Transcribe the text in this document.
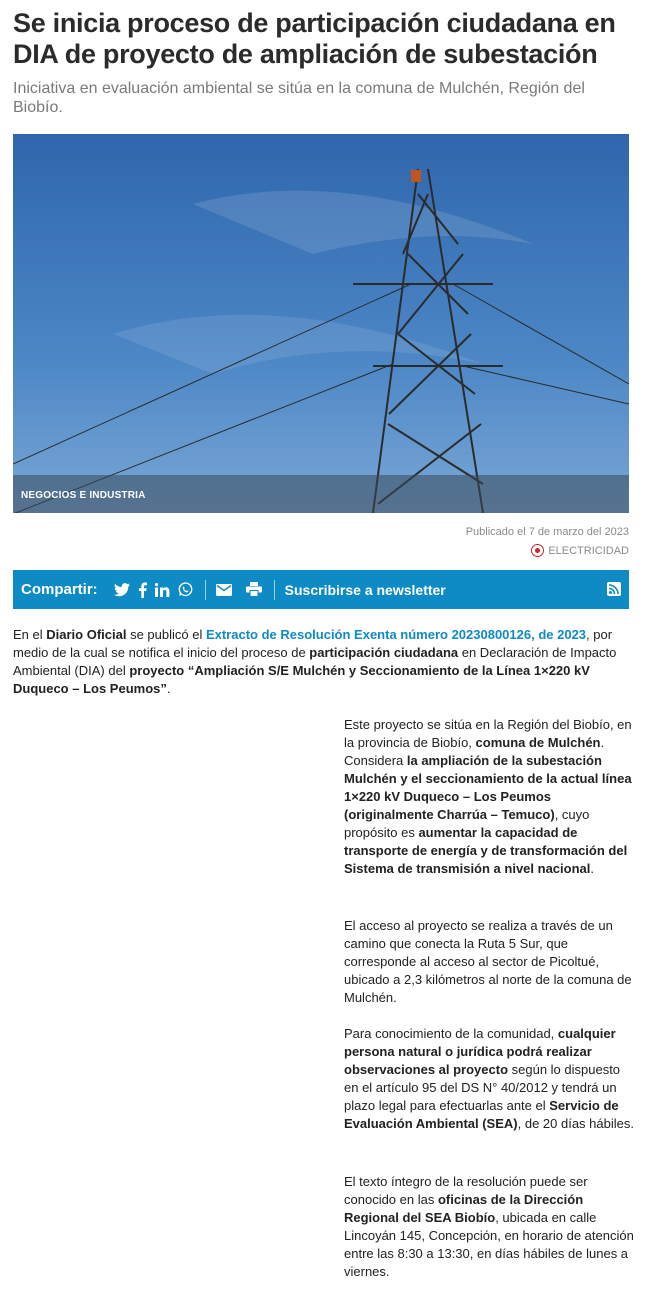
Se inicia proceso de participación ciudadana en DIA de proyecto de ampliación de subestación

Iniciativa en evaluación ambiental se sitúa en la comuna de Mulchén, Región del Biobío.

NEGOCIOS E INDUSTRIA
Publicado el 7 de marzo del 2023
ELECTRICIDAD
Compartir:	Suscribirse a newsletter

En el Diario Oficial se publicó el Extracto de Resolución Exenta número 20230800126, de 2023, por medio de la cual se notifica el inicio del proceso de participación ciudadana en Declaración de Impacto Ambiental (DIA) del proyecto “Ampliación S/E Mulchén y Seccionamiento de la Línea 1×220 kV Duqueco – Los Peumos”.

Este proyecto se sitúa en la Región del Biobío, en la provincia de Biobío, comuna de Mulchén. Considera la ampliación de la subestación Mulchén y el seccionamiento de la actual línea 1×220 kV Duqueco – Los Peumos (originalmente Charrúa – Temuco), cuyo propósito es aumentar la capacidad de transporte de energía y de transformación del Sistema de transmisión a nivel nacional.

El acceso al proyecto se realiza a través de un camino que conecta la Ruta 5 Sur, que corresponde al acceso al sector de Picoltué, ubicado a 2,3 kilómetros al norte de la comuna de Mulchén.

Para conocimiento de la comunidad, cualquier persona natural o jurídica podrá realizar observaciones al proyecto según lo dispuesto en el artículo 95 del DS N° 40/2012 y tendrá un plazo legal para efectuarlas ante el Servicio de Evaluación Ambiental (SEA), de 20 días hábiles.

El texto íntegro de la resolución puede ser conocido en las oficinas de la Dirección Regional del SEA Biobío, ubicada en calle Lincoyán 145, Concepción, en horario de atención entre las 8:30 a 13:30, en días hábiles de lunes a viernes.
